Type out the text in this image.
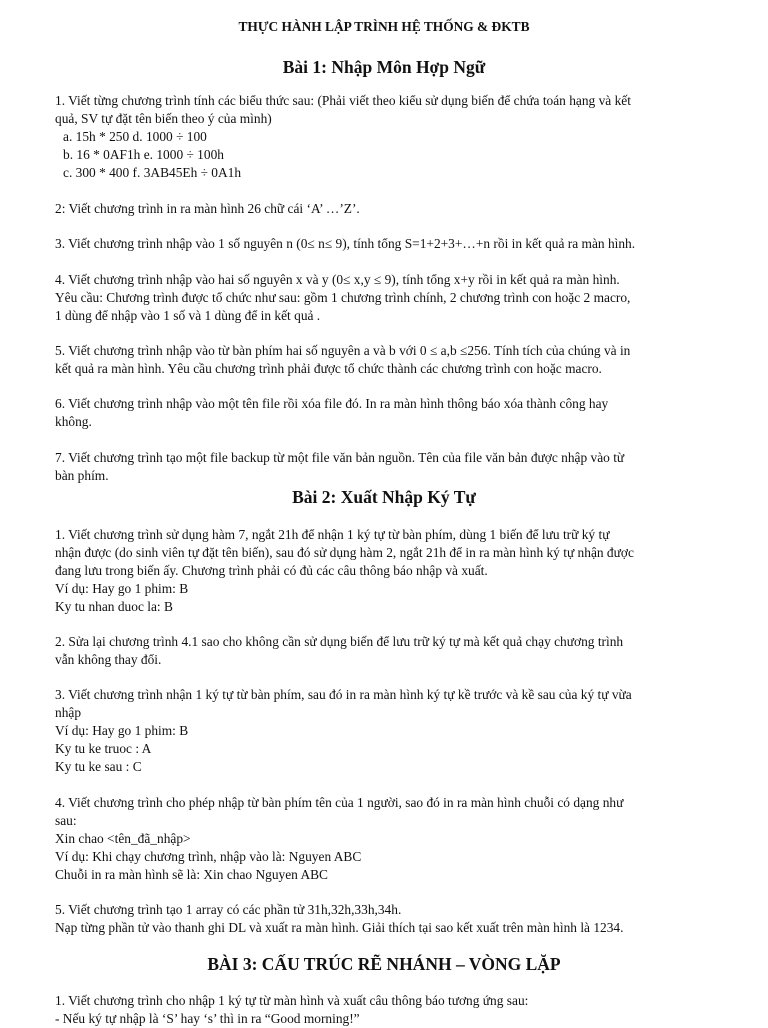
THỰC HÀNH LẬP TRÌNH HỆ THỐNG & ĐKTB
Bài 1: Nhập Môn Hợp Ngữ
1. Viết từng chương trình tính các biểu thức sau: (Phải viết theo kiểu sử dụng biến để chứa toán hạng và kết
quả, SV tự đặt tên biến theo ý của mình)
a. 15h * 250 d. 1000 ÷ 100
b. 16 * 0AF1h e. 1000 ÷ 100h
c. 300 * 400 f. 3AB45Eh ÷ 0A1h
2: Viết chương trình in ra màn hình 26 chữ cái ‘A’ …’Z’.
3. Viết chương trình nhập vào 1 số nguyên n (0≤ n≤ 9), tính tổng S=1+2+3+…+n rồi in kết quả ra màn hình.
4. Viết chương trình nhập vào hai số nguyên x và y (0≤ x,y ≤ 9), tính tổng x+y rồi in kết quả ra màn hình.
Yêu cầu: Chương trình được tổ chức như sau: gồm 1 chương trình chính, 2 chương trình con hoặc 2 macro,
1 dùng để nhập vào 1 số và 1 dùng để in kết quả .
5. Viết chương trình nhập vào từ bàn phím hai số nguyên a và b với 0 ≤ a,b ≤256. Tính tích của chúng và in
kết quả ra màn hình. Yêu cầu chương trình phải được tổ chức thành các chương trình con hoặc macro.
6. Viết chương trình nhập vào một tên file rồi xóa file đó. In ra màn hình thông báo xóa thành công hay
không.
7. Viết chương trình tạo một file backup từ một file văn bản nguồn. Tên của file văn bản được nhập vào từ
bàn phím.
Bài 2: Xuất Nhập Ký Tự
1. Viết chương trình sử dụng hàm 7, ngắt 21h để nhận 1 ký tự từ bàn phím, dùng 1 biến để lưu trữ ký tự
nhận được (do sinh viên tự đặt tên biến), sau đó sử dụng hàm 2, ngắt 21h để in ra màn hình ký tự nhận được
đang lưu trong biến ấy. Chương trình phải có đủ các câu thông báo nhập và xuất.
Ví dụ: Hay go 1 phim: B
Ky tu nhan duoc la: B
2. Sửa lại chương trình 4.1 sao cho không cần sử dụng biến để lưu trữ ký tự mà kết quả chạy chương trình
vẫn không thay đổi.
3. Viết chương trình nhận 1 ký tự từ bàn phím, sau đó in ra màn hình ký tự kề trước và kề sau của ký tự vừa
nhập
Ví dụ: Hay go 1 phim: B
Ky tu ke truoc : A
Ky tu ke sau : C
4. Viết chương trình cho phép nhập từ bàn phím tên của 1 người, sao đó in ra màn hình chuỗi có dạng như
sau:
Xin chao <tên_đã_nhập>
Ví dụ: Khi chạy chương trình, nhập vào là: Nguyen ABC
Chuỗi in ra màn hình sẽ là: Xin chao Nguyen ABC
5. Viết chương trình tạo 1 array có các phần tử 31h,32h,33h,34h.
Nạp từng phần tử vào thanh ghi DL và xuất ra màn hình. Giải thích tại sao kết xuất trên màn hình là 1234.
BÀI 3: CẤU TRÚC RẼ NHÁNH – VÒNG LẶP
1. Viết chương trình cho nhập 1 ký tự từ màn hình và xuất câu thông báo tương ứng sau:
- Nếu ký tự nhập là ‘S’ hay ‘s’ thì in ra “Good morning!”
